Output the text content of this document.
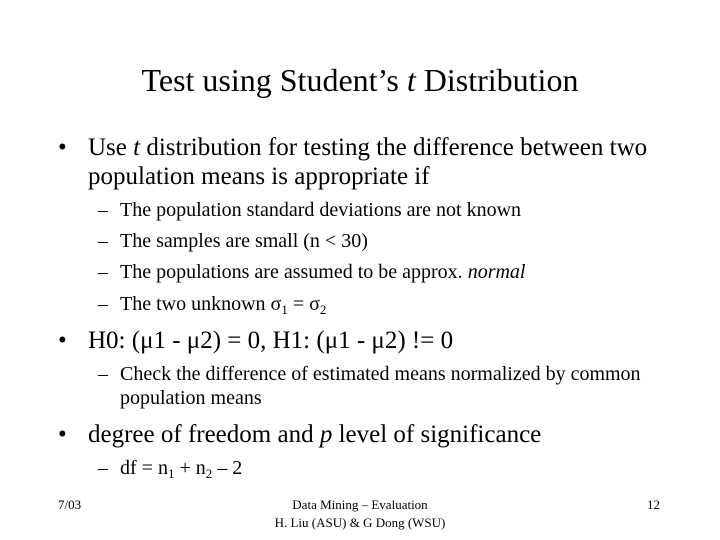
Test using Student’s t Distribution
• Use t distribution for testing the difference between two population means is appropriate if
– The population standard deviations are not known
– The samples are small (n < 30)
– The populations are assumed to be approx. normal
– The two unknown $\sigma_1 = \sigma_2$
• H0: (μ1 - μ2) = 0, H1: (μ1 - μ2) != 0
– Check the difference of estimated means normalized by common population means
• degree of freedom and p level of significance
– df = $n_1 + n_2 - 2$
7/03	Data Mining – Evaluation
H. Liu (ASU) & G Dong (WSU)
12
